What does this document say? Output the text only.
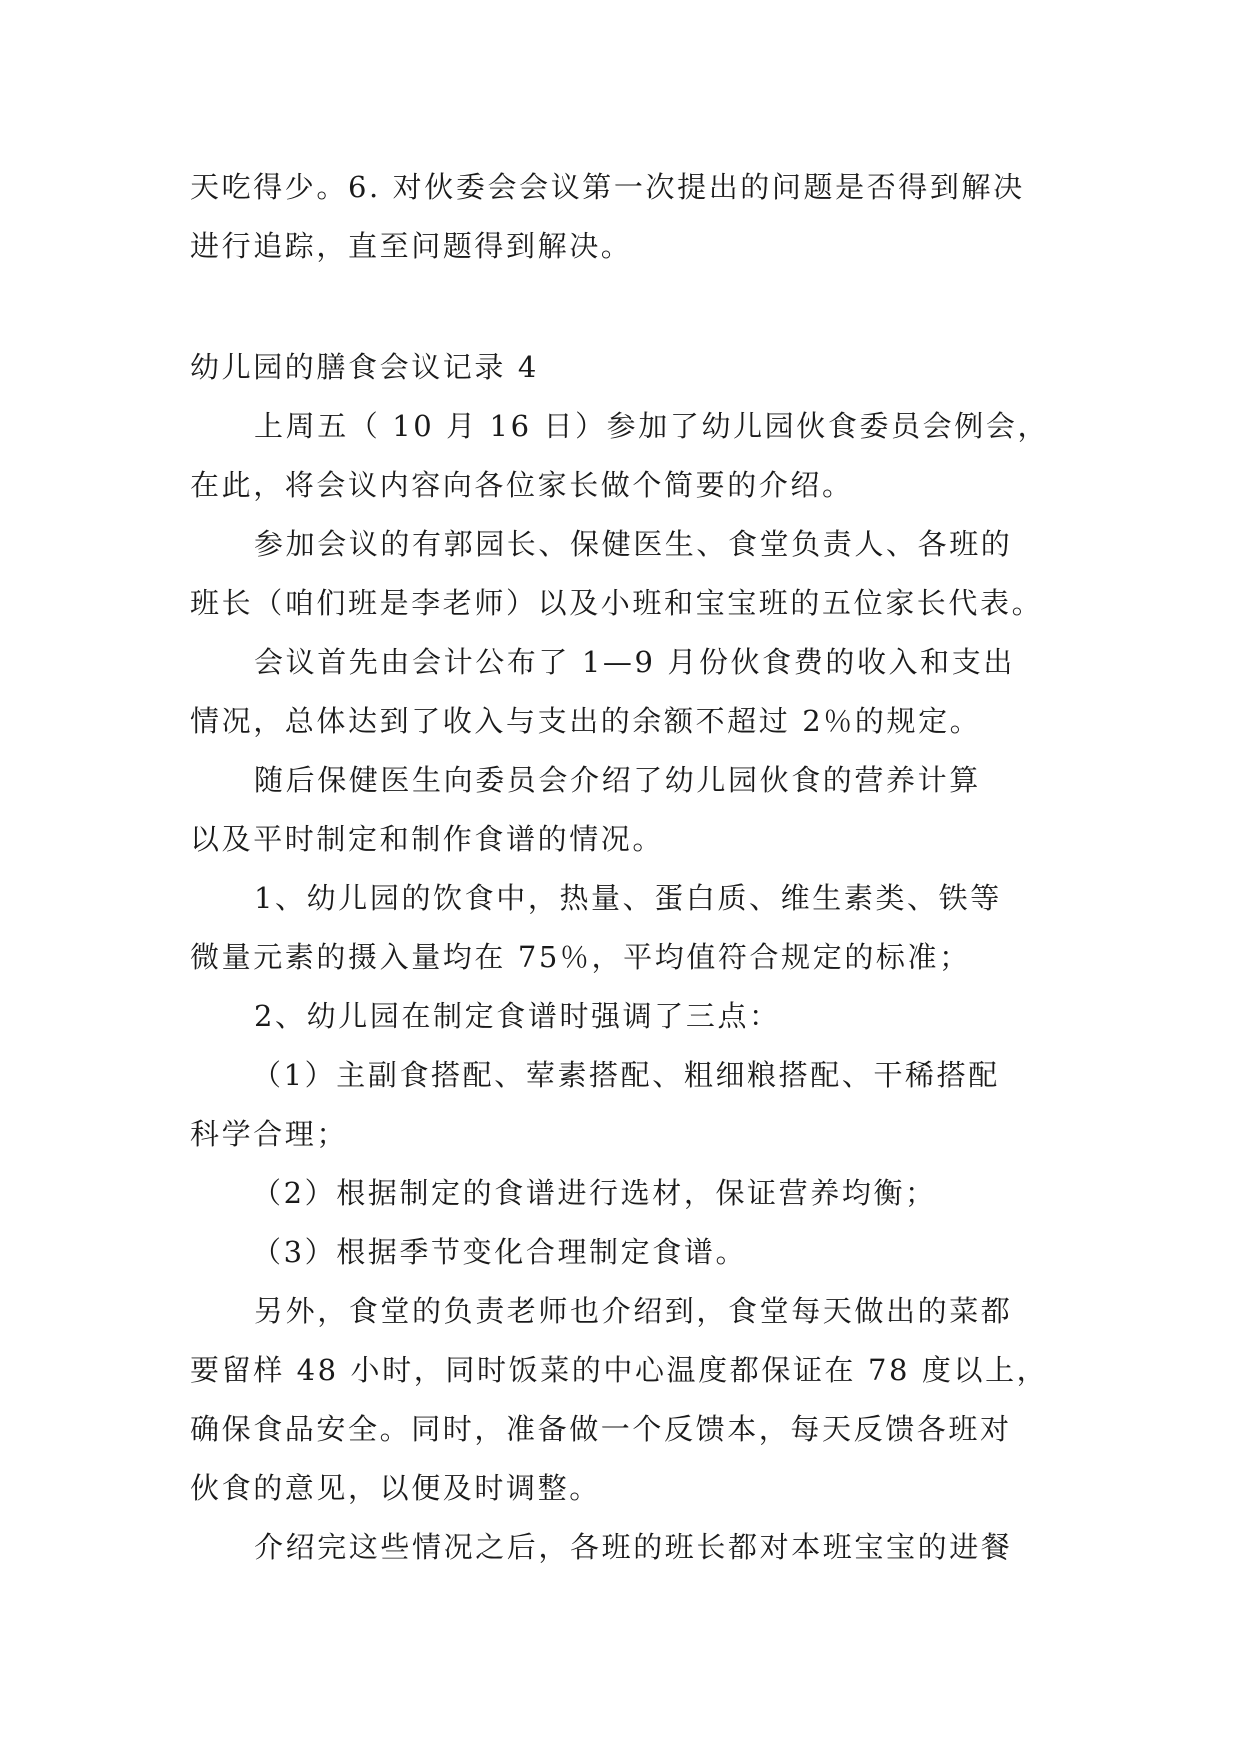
天吃得少。6. 对伙委会会议第一次提出的问题是否得到解决
进行追踪，直至问题得到解决。
幼儿园的膳食会议记录 4
上周五（ 10 月 16 日）参加了幼儿园伙食委员会例会，
在此，将会议内容向各位家长做个简要的介绍。
参加会议的有郭园长、保健医生、食堂负责人、各班的
班长（咱们班是李老师）以及小班和宝宝班的五位家长代表。
会议首先由会计公布了 1—9 月份伙食费的收入和支出
情况，总体达到了收入与支出的余额不超过 2％的规定。
随后保健医生向委员会介绍了幼儿园伙食的营养计算
以及平时制定和制作食谱的情况。
1、幼儿园的饮食中，热量、蛋白质、维生素类、铁等
微量元素的摄入量均在 75％，平均值符合规定的标准；
2、幼儿园在制定食谱时强调了三点：
（1）主副食搭配、荤素搭配、粗细粮搭配、干稀搭配
科学合理；
（2）根据制定的食谱进行选材，保证营养均衡；
（3）根据季节变化合理制定食谱。
另外，食堂的负责老师也介绍到，食堂每天做出的菜都
要留样 48 小时，同时饭菜的中心温度都保证在 78 度以上，
确保食品安全。同时，准备做一个反馈本，每天反馈各班对
伙食的意见，以便及时调整。
介绍完这些情况之后，各班的班长都对本班宝宝的进餐
